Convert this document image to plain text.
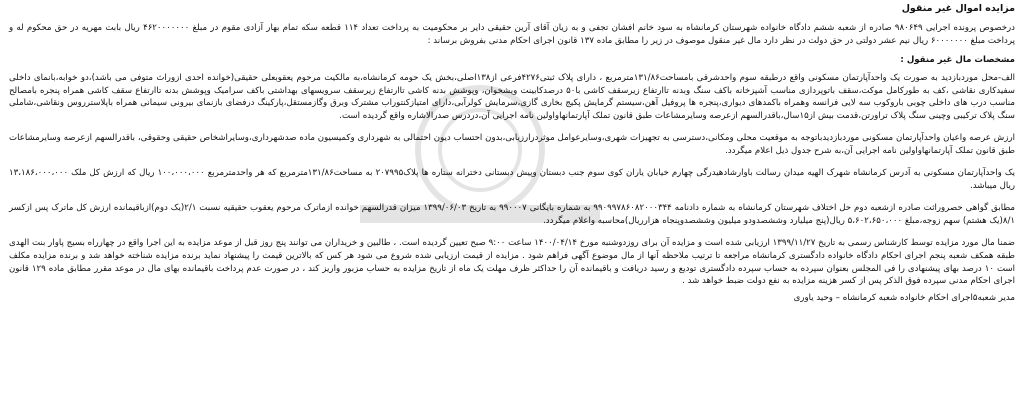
مزایده اموال غیر منقول

درخصوص پرونده اجرایی ۹۸۰۶۴۹ صادره از شعبه ششم دادگاه خانواده شهرستان کرمانشاه به سود خانم افشان تجفی و به زیان آقای آرین حقیقی دایر بر محکومیت به پرداخت تعداد ۱۱۴ قطعه سکه تمام بهار آزادی مقوم در مبلغ ۴۶۲۰۰۰۰۰۰۰ ریال بابت مهریه در حق محکوم له و پرداخت مبلغ ۶۰۰۰۰۰۰۰ ریال نیم عشر دولتی در حق دولت در نظر دارد مال غیر منقول موصوف در زیر را مطابق ماده ۱۳۷ قانون اجرای احکام مدنی بفروش برساند :

مشخصات مال غیر منقول :

الف-محل موردبازدید به صورت یک واحدآپارتمان مسکونی واقع درطبقه سوم واحدشرقی بامساحت۱۳۱/۸۶مترمربع ، دارای پلاک ثبتی۴۲۷۶فرعی از۱۳۸اصلی،بخش یک حومه کرمانشاه،به مالکیت مرحوم یعقوبعلی حقیقی(خوانده احدی ازوراث متوفی می باشد)،دو خوابه،بانمای داخلی سفیدکاری نقاشی ،کف به طورکامل موکت،سقف باتوپردازی مناسب آشپزخانه باکف سنگ وبدنه تاارتفاع زیرسقف کاشی با۵۰ درصدکابینت ویشخوان، وپوشش بدنه کاشی تاارتفاع زیرسقف سرویسهای بهداشتی باکف سرامیک وپوشش بدنه تاارتفاع سقف کاشی همراه پنجره بامصالح مناسب درب های داخلی چوبی باروکوب سه لایی فرانسه وهمراه باکمدهای دیواری،پنجره ها پروفیل آهن،سیستم گرمایش پکیج بخاری گازی،سرمایش کولرآبی،دارای امتیازکنتوراب مشترک وبرق وگازمستقل،پارکینگ درفضای بازنمای بیرونی سیمانی همراه باپلاسترروس ونقاشی،شاملی سنگ پلاک ترکیبی وچینی سنگ پلاک تراورتن،قدمت بیش از۱۵سال،باقدرالسهم ازعرصه وسایرمشاعات طبق قانون تملک آپارتمانهاواولین نامه اجرایی آن،دردرس صدرالاشاره واقع گردیده است.

ارزش عرصه واعیان واحدآپارتمان مسکونی موردبازدیدباتوجه به موقعیت محلی ومکانی،دسترسی به تجهیزات شهری،وسایرعوامل موثردرارزیابی،بدون احتساب دیون احتمالی به شهرداری وکمیسیون ماده صدشهرداری،وسایراشخاص حقیقی وحقوقی، باقدرالسهم ازعرصه وسایرمشاعات طبق قانون تملک آپارتمانهاواولین نامه اجرایی آن،به شرح جدول ذیل اعلام میگردد.

یک واحدآپارتمان مسکونی به آدرس کرمانشاه شهرک الهیه میدان رسالت باوارشادهیدرگی چهارم خیابان یاران کوی سوم جنب دبستان وپیش دبستانی دخترانه ستاره ها پلاک۲۰۷۹۹۵ به مساحت۱۳۱/۸۶مترمربع که هر واحدمترمربع ۱۰۰،۰۰۰،۰۰۰ ریال که ارزش کل ملک ۱۳،۱۸۶،۰۰۰،۰۰۰ ریال میباشد.

مطابق گواهی حصروراثت صادره ازشعبه دوم حل اختلاف شهرستان کرمانشاه به شماره دادنامه ۹۹۰۹۹۷۸۶۰۸۲۰۰۰۳۴۴ به شماره بایگانی ۹۹۰۰۰۷ به تاریخ ۱۳۹۹/۰۶/۰۳ میزان قدرالسهم خوانده ازماترک مرحوم یعقوب حقیقیه نسبت ۲/۱(یک دوم)ازباقیمانده ارزش کل ماترک پس ازکسر ۸/۱(یک هشتم) سهم زوجه،مبلغ ۵،۶۰۲،۶۵۰،۰۰۰ ریال(پنج میلیارد وششصدودو میلیون وششصدوپنجاه هزارریال)محاسبه واعلام میگردد.

ضمنا مال مورد مزایده توسط کارشناس رسمی به تاریخ ۱۳۹۹/۱۱/۲۷ ارزیابی شده است و مزایده آن برای روزدوشنبه مورخ ۱۴۰۰/۰۴/۱۴ ساعت ۹:۰۰ صبح تعیین گردیده است. ، طالبین و خریداران می توانند پنج روز قبل از موعد مزایده به این اجرا واقع در چهارراه بسیج پاوار بنت الهدی طبقه همکف شعبه پنجم اجرای احکام دادگاه خانواده دادگستری کرمانشاه مراجعه تا ترتیب ملاحظه آنها از مال موضوع آگهی فراهم شود . مزایده از قیمت ارزیابی شده شروع می شود هر کس که بالاترین قیمت را پیشنهاد نماید برنده مزایده شناخته خواهد شد و برنده مزایده مکلف است ۱۰ درصد بهای پیشنهادی را فی المجلس بعنوان سپرده به حساب سپرده دادگستری تودیع و رسید دریافت و باقیمانده آن را حداکثر ظرف مهلت یک ماه از تاریخ مزایده به حساب مزبور واریز کند ، در صورت عدم پرداخت باقیمانده بهای مال در موعد مقرر مطابق ماده ۱۲۹ قانون اجرای احکام مدنی سپرده فوق الذکر پس از کسر هزینه مزایده به نفع دولت ضبط خواهد شد .

مدیر شعبه۵اجرای احکام خانواده شعبه کرمانشاه – وحید یاوری
